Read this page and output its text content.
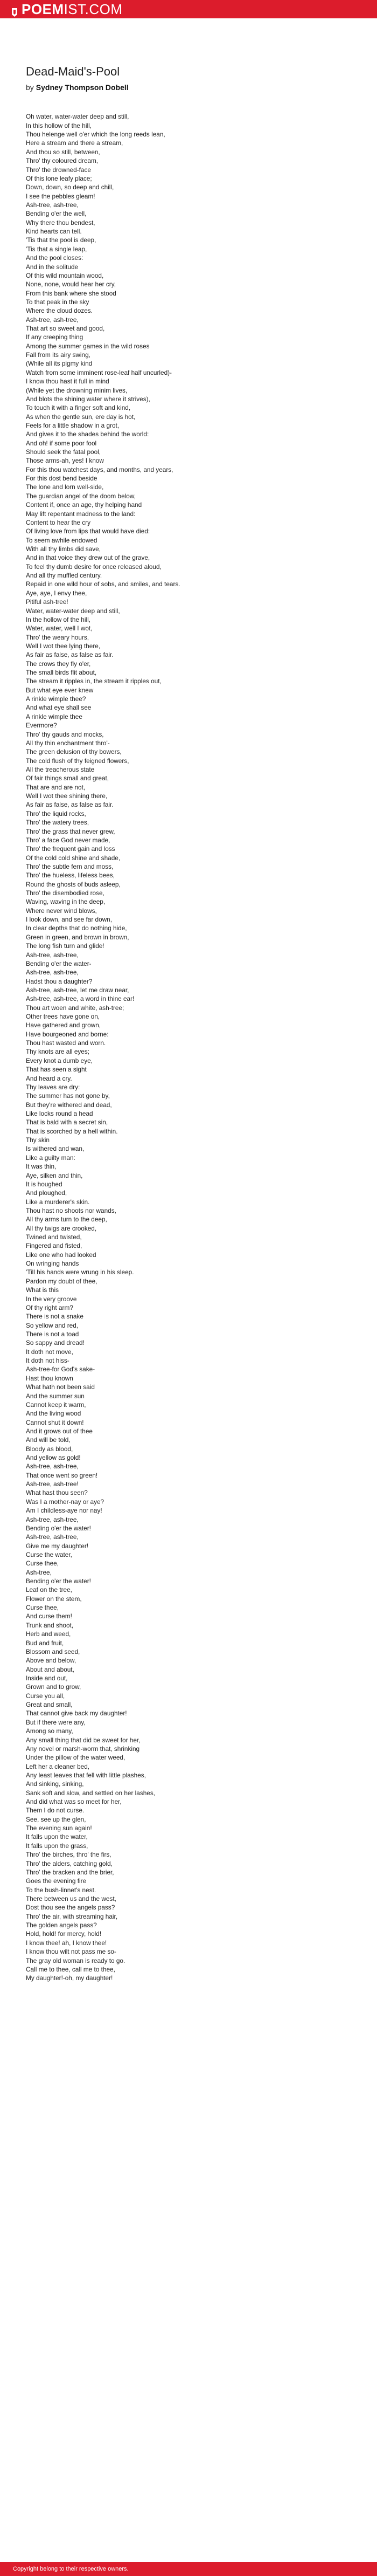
POEM IST.COM
Dead-Maid's-Pool
by Sydney Thompson Dobell
Oh water, water-water deep and still,
In this hollow of the hill,
Thou helenge well o'er which the long reeds lean,
Here a stream and there a stream,
And thou so still, between,
Thro' thy coloured dream,
Thro' the drowned-face
Of this lone leafy place;
Down, down, so deep and chill,
I see the pebbles gleam!
Ash-tree, ash-tree,
Bending o'er the well,
Why there thou bendest,
Kind hearts can tell.
'Tis that the pool is deep,
'Tis that a single leap,
And the pool closes:
And in the solitude
Of this wild mountain wood,
None, none, would hear her cry,
From this bank where she stood
To that peak in the sky
Where the cloud dozes.
Ash-tree, ash-tree,
That art so sweet and good,
If any creeping thing
Among the summer games in the wild roses
Fall from its airy swing,
(While all its pigmy kind
Watch from some imminent rose-leaf half uncurled)-
I know thou hast it full in mind
(While yet the drowning minim lives,
And blots the shining water where it strives),
To touch it with a finger soft and kind,
As when the gentle sun, ere day is hot,
Feels for a little shadow in a grot,
And gives it to the shades behind the world:
And oh! if some poor fool
Should seek the fatal pool,
Those arms-ah, yes! I know
For this thou watchest days, and months, and years,
For this dost bend beside
The lone and lorn well-side,
The guardian angel of the doom below,
Content if, once an age, thy helping hand
May lift repentant madness to the land:
Content to hear the cry
Of living love from lips that would have died:
To seem awhile endowed
With all thy limbs did save,
And in that voice they drew out of the grave,
To feel thy dumb desire for once released aloud,
And all thy muffled century.
Repaid in one wild hour of sobs, and smiles, and tears.
Aye, aye, I envy thee,
Pitiful ash-tree!
Water, water-water deep and still,
In the hollow of the hill,
Water, water, well I wot,
Thro' the weary hours,
Well I wot thee lying there,
As fair as false, as false as fair.
The crows they fly o'er,
The small birds flit about,
The stream it ripples in, the stream it ripples out,
But what eye ever knew
A rinkle wimple thee?
And what eye shall see
A rinkle wimple thee
Evermore?
Thro' thy gauds and mocks,
All thy thin enchantment thro'-
The green delusion of thy bowers,
The cold flush of thy feigned flowers,
All the treacherous state
Of fair things small and great,
That are and are not,
Well I wot thee shining there,
As fair as false, as false as fair.
Thro' the liquid rocks,
Thro' the watery trees,
Thro' the grass that never grew,
Thro' a face God never made,
Thro' the frequent gain and loss
Of the cold cold shine and shade,
Thro' the subtle fern and moss,
Thro' the hueless, lifeless bees,
Round the ghosts of buds asleep,
Thro' the disembodied rose,
Waving, waving in the deep,
Where never wind blows,
I look down, and see far down,
In clear depths that do nothing hide,
Green in green, and brown in brown,
The long fish turn and glide!
Ash-tree, ash-tree,
Bending o'er the water-
Ash-tree, ash-tree,
Hadst thou a daughter?
Ash-tree, ash-tree, let me draw near,
Ash-tree, ash-tree, a word in thine ear!
Thou art woen and white, ash-tree;
Other trees have gone on,
Have gathered and grown,
Have bourgeoned and borne:
Thou hast wasted and worn.
Thy knots are all eyes;
Every knot a dumb eye,
That has seen a sight
And heard a cry.
Thy leaves are dry:
The summer has not gone by,
But they're withered and dead,
Like locks round a head
That is bald with a secret sin,
That is scorched by a hell within.
Thy skin
Is withered and wan,
Like a guilty man:
It was thin,
Aye, silken and thin,
It is houghed
And ploughed,
Like a murderer's skin.
Thou hast no shoots nor wands,
All thy arms turn to the deep,
All thy twigs are crooked,
Twined and twisted,
Fingered and fisted,
Like one who had looked
On wringing hands
'Till his hands were wrung in his sleep.
Pardon my doubt of thee,
What is this
In the very groove
Of thy right arm?
There is not a snake
So yellow and red,
There is not a toad
So sappy and dread!
It doth not move,
It doth not hiss-
Ash-tree-for God's sake-
Hast thou known
What hath not been said
And the summer sun
Cannot keep it warm,
And the living wood
Cannot shut it down!
And it grows out of thee
And will be told,
Bloody as blood,
And yellow as gold!
Ash-tree, ash-tree,
That once went so green!
Ash-tree, ash-tree!
What hast thou seen?
Was I a mother-nay or aye?
Am I childless-aye nor nay!
Ash-tree, ash-tree,
Bending o'er the water!
Ash-tree, ash-tree,
Give me my daughter!
Curse the water,
Curse thee,
Ash-tree,
Bending o'er the water!
Leaf on the tree,
Flower on the stem,
Curse thee,
And curse them!
Trunk and shoot,
Herb and weed,
Bud and fruit,
Blossom and seed,
Above and below,
About and about,
Inside and out,
Grown and to grow,
Curse you all,
Great and small,
That cannot give back my daughter!
But if there were any,
Among so many,
Any small thing that did be sweet for her,
Any novel or marsh-worm that, shrinking
Under the pillow of the water weed,
Left her a cleaner bed,
Any least leaves that fell with little plashes,
And sinking, sinking,
Sank soft and slow, and settled on her lashes,
And did what was so meet for her,
Them I do not curse.
See, see up the glen,
The evening sun again!
It falls upon the water,
It falls upon the grass,
Thro' the birches, thro' the firs,
Thro' the alders, catching gold,
Thro' the bracken and the brier,
Goes the evening fire
To the bush-linnet's nest.
There between us and the west,
Dost thou see the angels pass?
Thro' the air, with streaming hair,
The golden angels pass?
Hold, hold! for mercy, hold!
I know thee! ah, I know thee!
I know thou wilt not pass me so-
The gray old woman is ready to go.
Call me to thee, call me to thee,
My daughter!-oh, my daughter!
Copyright belong to their respective owners.
